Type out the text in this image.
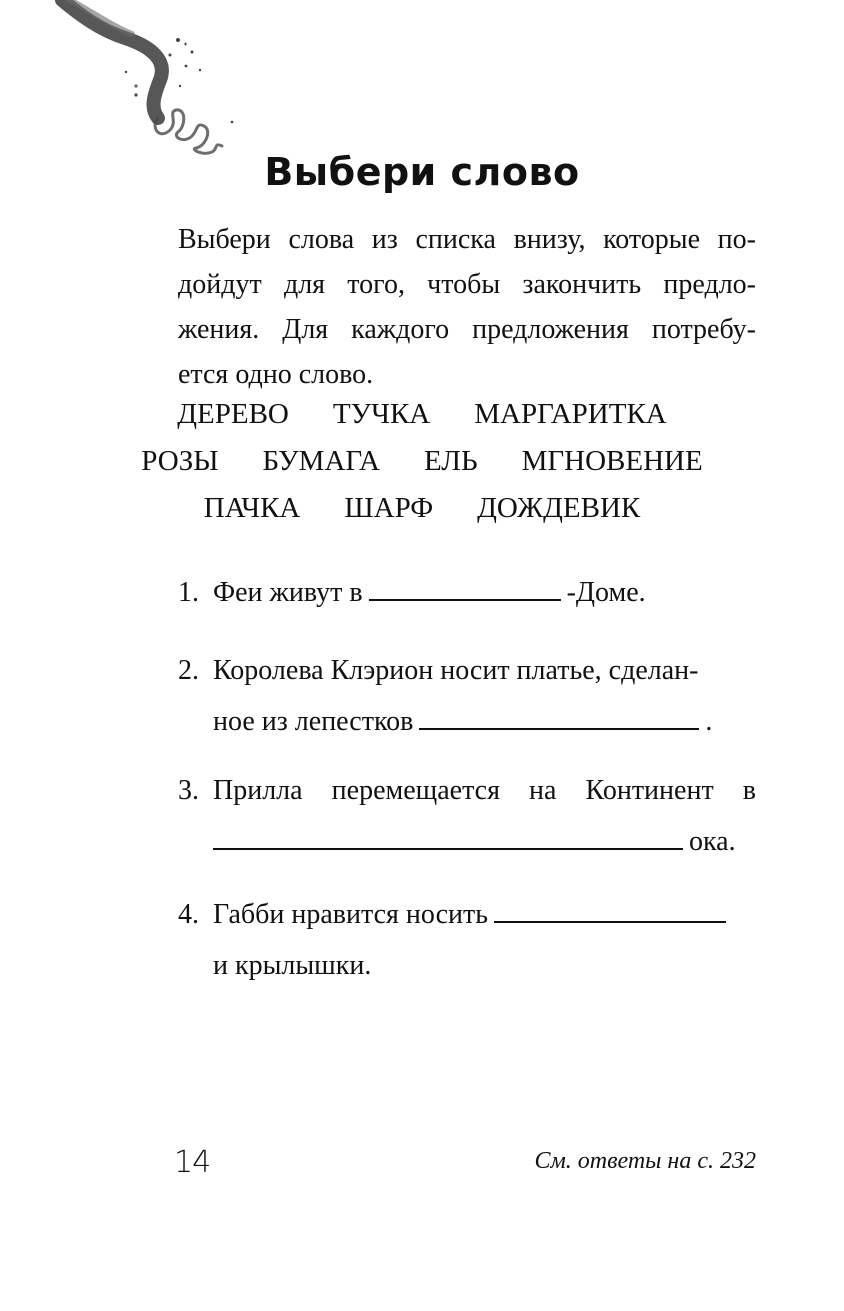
Выбери слово
Выбери слова из списка внизу, которые по-
дойдут для того, чтобы закончить предло-
жения. Для каждого предложения потребу-
ется одно слово.
ДЕРЕВО ТУЧКА МАРГАРИТКА
РОЗЫ БУМАГА ЕЛЬ МГНОВЕНИЕ
ПАЧКА ШАРФ ДОЖДЕВИК
1. Феи живут в	-Доме.
2. Королева Клэрион носит платье, сделан-
ное из лепестков	.
3. Прилла перемещается на Континент в
ока.
4. Габби нравится носить
и крылышки.
14	См. ответы на с. 232
